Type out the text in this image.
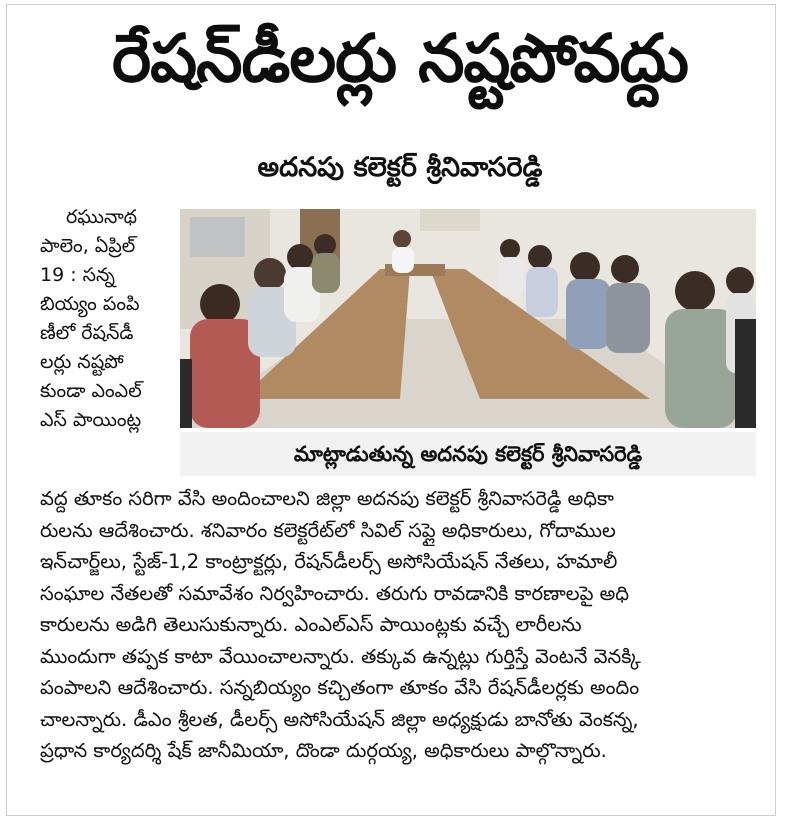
రేషన్‌డీలర్లు నష్టపోవద్దు
అదనపు కలెక్టర్ శ్రీనివాసరెడ్డి
రఘునాథ
పాలెం, ఏప్రిల్
19 : సన్న
బియ్యం పంపి
ణీలో రేషన్‌డీ
లర్లు నష్టపో
కుండా ఎంఎల్
ఎస్ పాయింట్ల
మాట్లాడుతున్న అదనపు కలెక్టర్ శ్రీనివాసరెడ్డి
వద్ద తూకం సరిగా వేసి అందించాలని జిల్లా అదనపు కలెక్టర్ శ్రీనివాసరెడ్డి అధికా
రులను ఆదేశించారు. శనివారం కలెక్టరేట్‌లో సివిల్ సప్లై అధికారులు, గోదాముల
ఇన్‌చార్జ్‌లు, స్టేజ్-1,2 కాంట్రాక్టర్లు, రేషన్‌డీలర్స్ అసోసియేషన్ నేతలు, హమాలీ
సంఘాల నేతలతో సమావేశం నిర్వహించారు. తరుగు రావడానికి కారణాలపై అధి
కారులను అడిగి తెలుసుకున్నారు. ఎంఎల్‌ఎస్ పాయింట్లకు వచ్చే లారీలను
ముందుగా తప్పక కాటా వేయించాలన్నారు. తక్కువ ఉన్నట్లు గుర్తిస్తే వెంటనే వెనక్కి
పంపాలని ఆదేశించారు. సన్నబియ్యం కచ్చితంగా తూకం వేసి రేషన్‌డీలర్లకు అందిం
చాలన్నారు. డీఎం శ్రీలత, డీలర్స్ అసోసియేషన్ జిల్లా అధ్యక్షుడు బానోతు వెంకన్న,
ప్రధాన కార్యదర్శి షేక్ జానీమియా, దొండా దుర్గయ్య, అధికారులు పాల్గొన్నారు.
